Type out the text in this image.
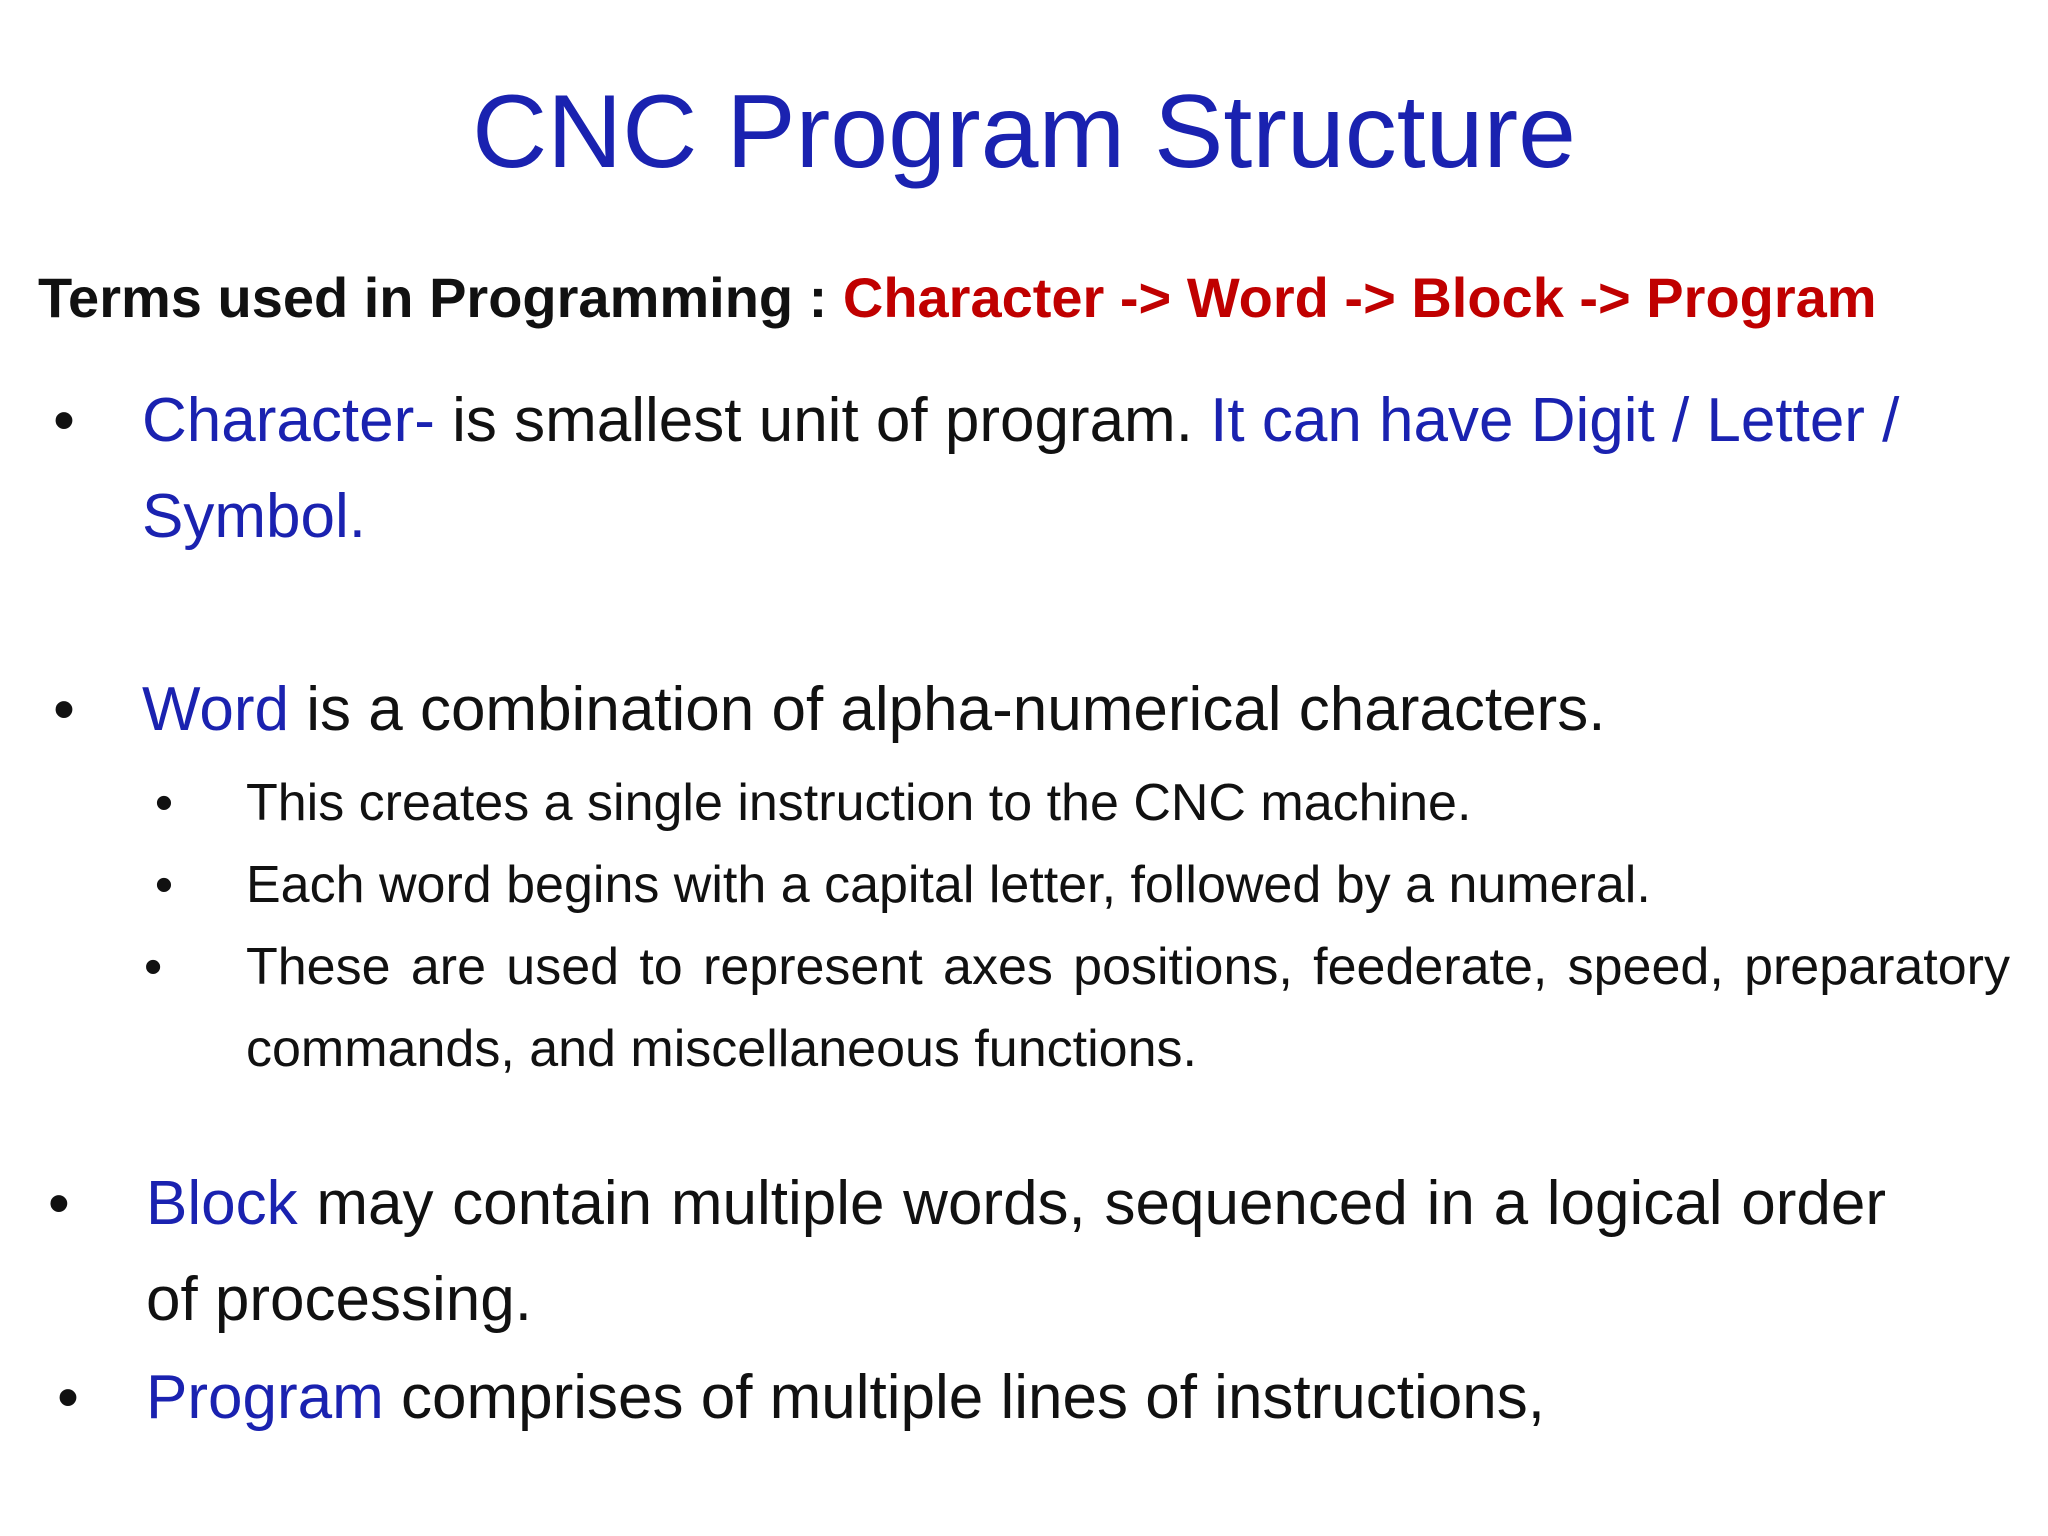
CNC Program Structure
Terms used in Programming : Character -> Word -> Block -> Program
• Character- is smallest unit of program. It can have Digit / Letter / Symbol.
• Word is a combination of alpha-numerical characters.
• This creates a single instruction to the CNC machine.
• Each word begins with a capital letter, followed by a numeral.
•	These are used to represent axes positions, feederate, speed, preparatory commands, and miscellaneous functions.
• Block may contain multiple words, sequenced in a logical order of processing.
• Program comprises of multiple lines of instructions,
